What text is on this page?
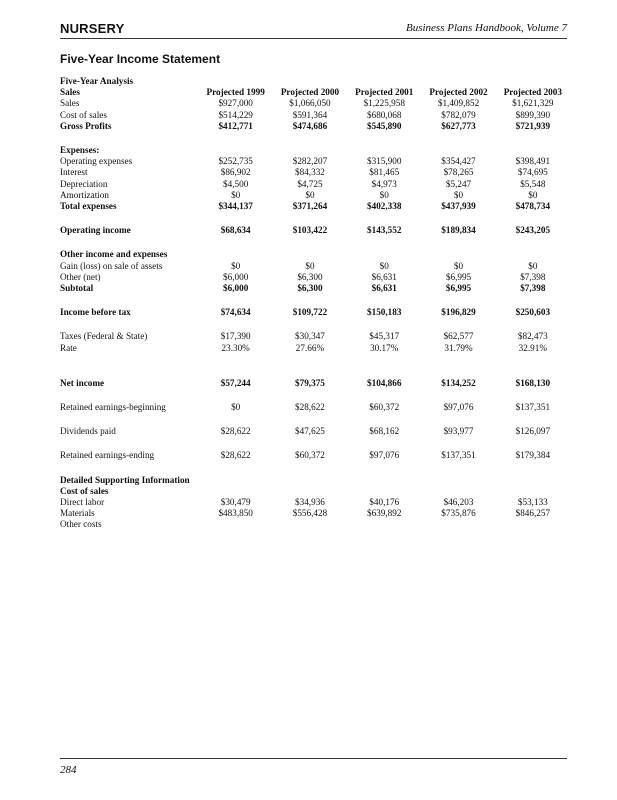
NURSERY	Business Plans Handbook, Volume 7
Five-Year Income Statement
Five-Year Analysis					
Sales	Projected 1999	Projected 2000	Projected 2001	Projected 2002	Projected 2003
Sales	$927,000	$1,066,050	$1,225,958	$1,409,852	$1,621,329
Cost of sales	$514,229	$591,364	$680,068	$782,079	$899,390
Gross Profits	$412,771	$474,686	$545,890	$627,773	$721,939

Expenses:					
Operating expenses	$252,735	$282,207	$315,900	$354,427	$398,491
Interest	$86,902	$84,332	$81,465	$78,265	$74,695
Depreciation	$4,500	$4,725	$4,973	$5,247	$5,548
Amortization	$0	$0	$0	$0	$0
Total expenses	$344,137	$371,264	$402,338	$437,939	$478,734

Operating income	$68,634	$103,422	$143,552	$189,834	$243,205

Other income and expenses					
Gain (loss) on sale of assets	$0	$0	$0	$0	$0
Other (net)	$6,000	$6,300	$6,631	$6,995	$7,398
Subtotal	$6,000	$6,300	$6,631	$6,995	$7,398

Income before tax	$74,634	$109,722	$150,183	$196,829	$250,603

Taxes (Federal & State)	$17,390	$30,347	$45,317	$62,577	$82,473
Rate	23.30%	27.66%	30.17%	31.79%	32.91%

Net income	$57,244	$79,375	$104,866	$134,252	$168,130

Retained earnings-beginning	$0	$28,622	$60,372	$97,076	$137,351

Dividends paid	$28,622	$47,625	$68,162	$93,977	$126,097

Retained earnings-ending	$28,622	$60,372	$97,076	$137,351	$179,384

Detailed Supporting Information					
Cost of sales					
Direct labor	$30,479	$34,936	$40,176	$46,203	$53,133
Materials	$483,850	$556,428	$639,892	$735,876	$846,257
Other costs					
284
